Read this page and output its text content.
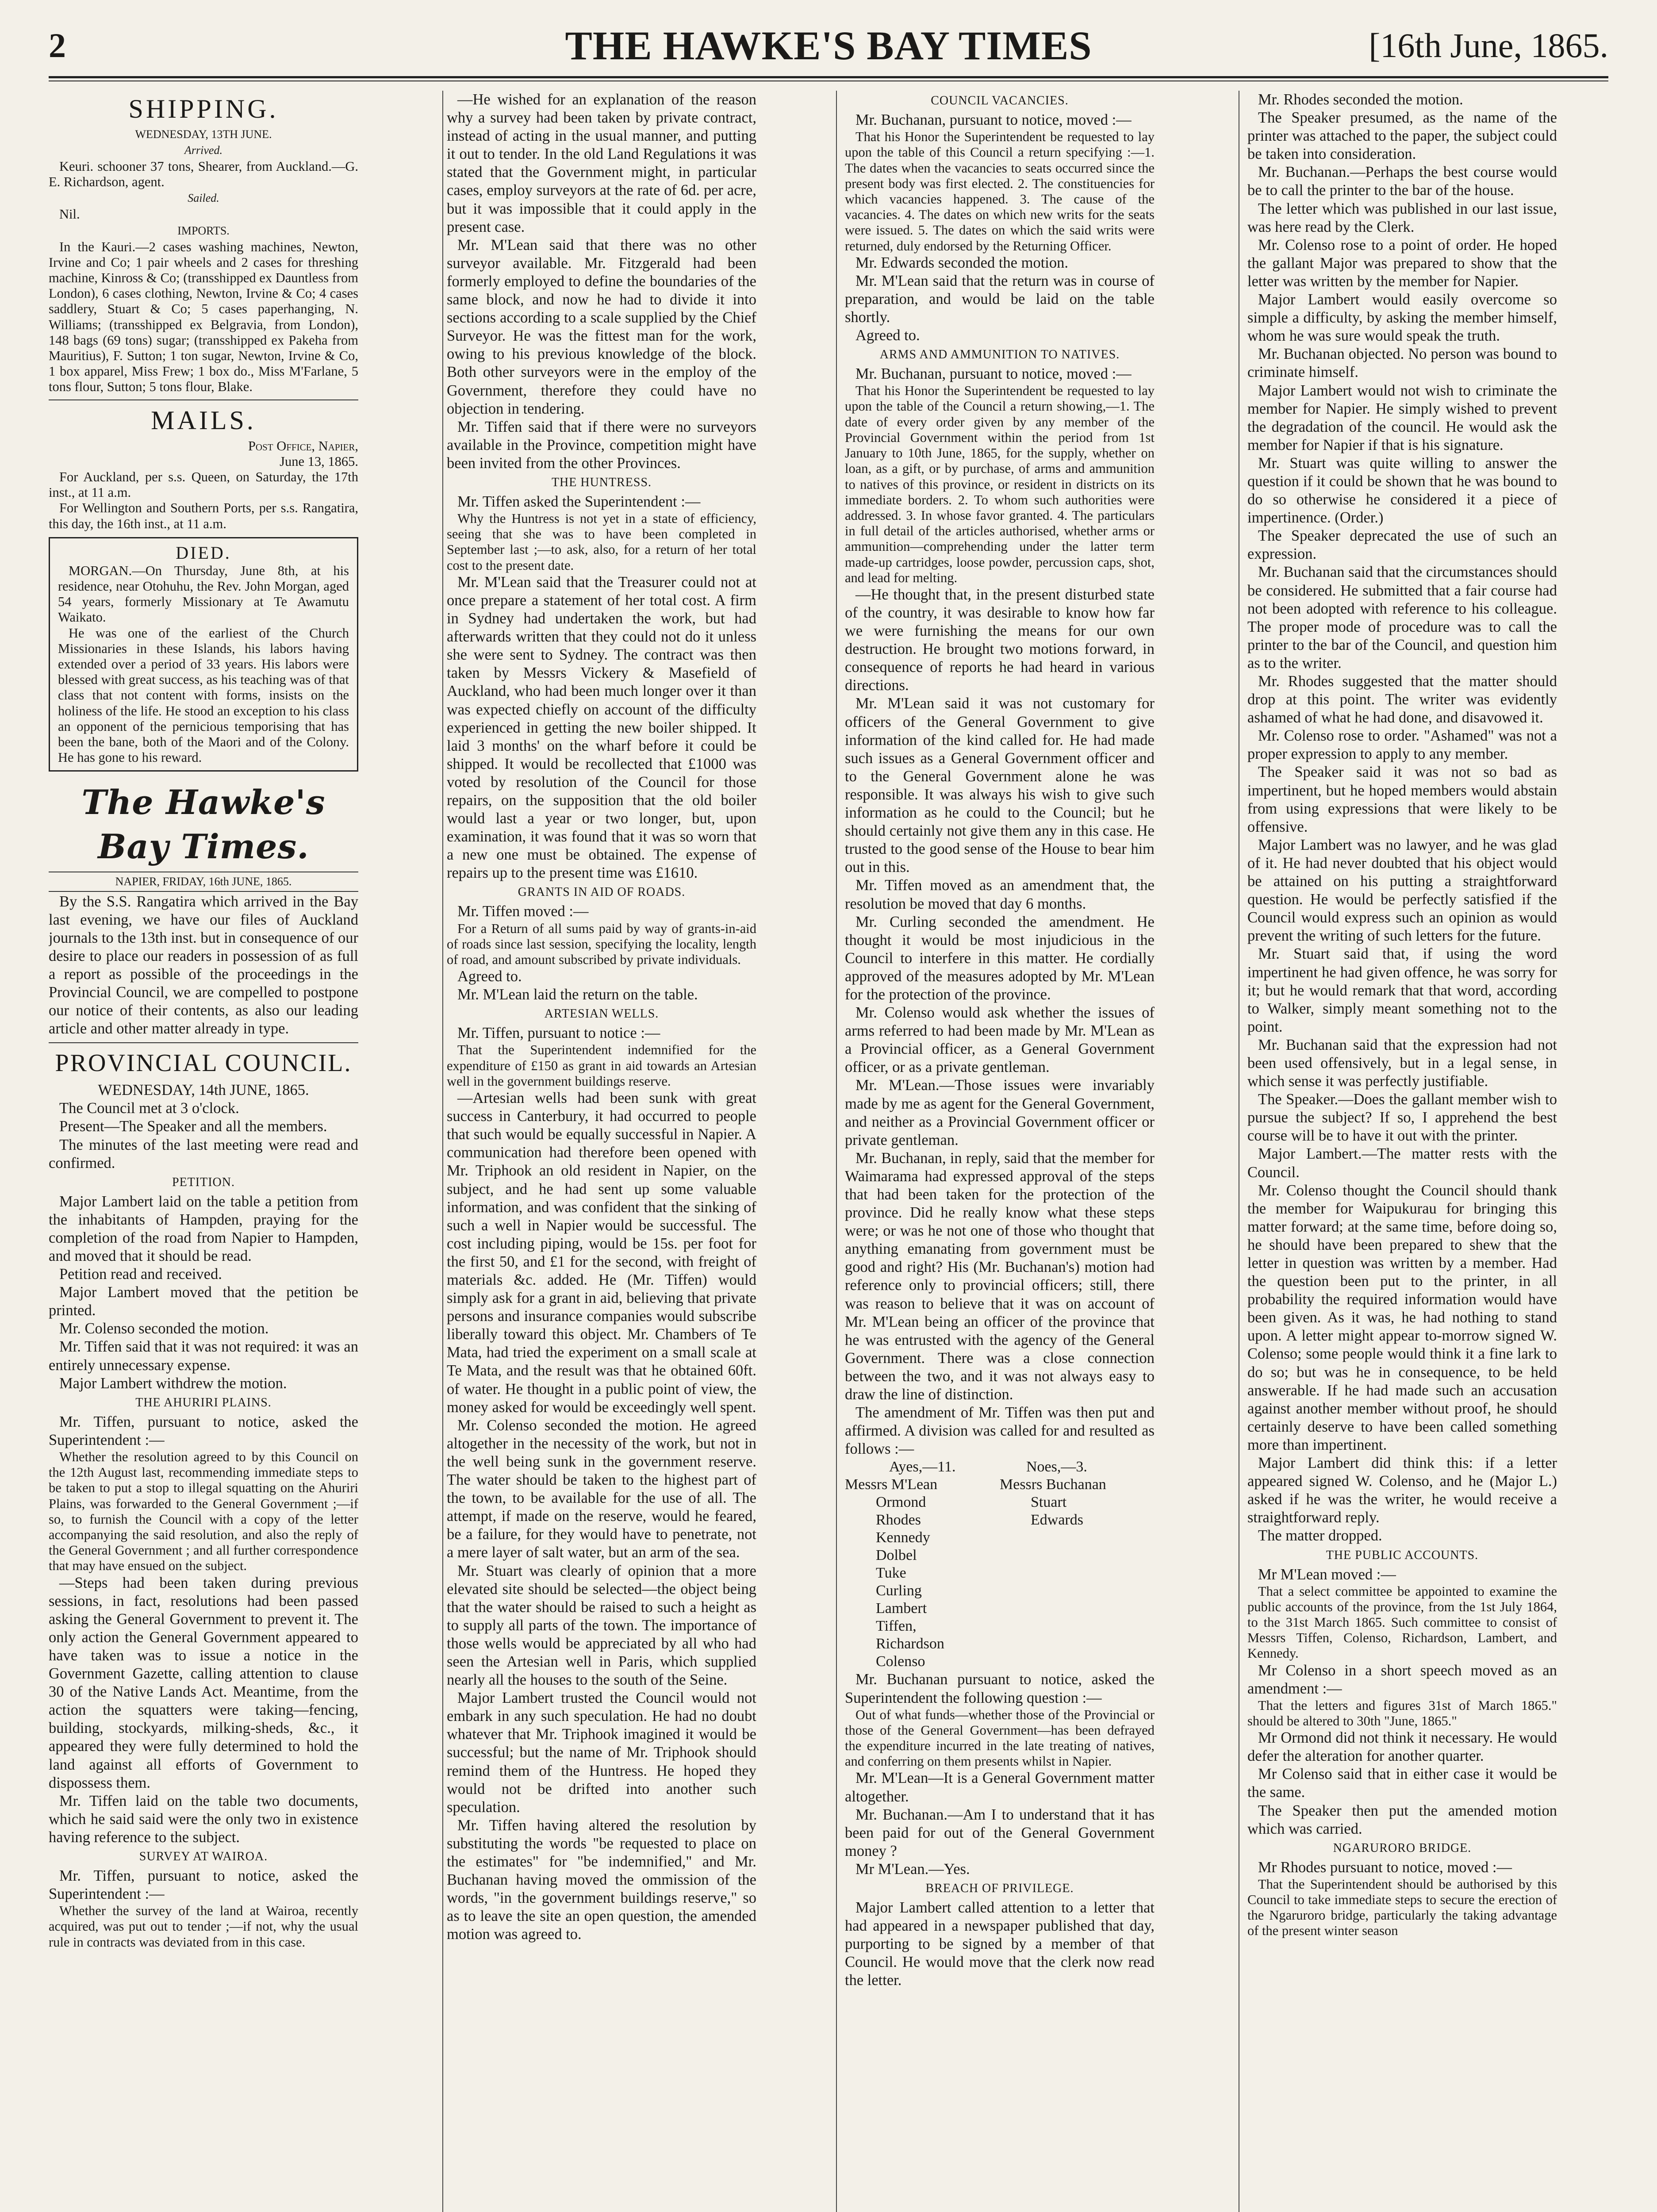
2	THE HAWKE'S BAY TIMES	[16th June, 1865.
SHIPPING.
WEDNESDAY, 13TH JUNE.
Arrived.

Keuri. schooner 37 tons, Shearer, from Auckland.—G. E. Richardson, agent.

Sailed.

Nil.

IMPORTS.

In the Kauri.—2 cases washing machines, Newton, Irvine and Co; 1 pair wheels and 2 cases for threshing machine, Kinross & Co; (transshipped ex Dauntless from London), 6 cases clothing, Newton, Irvine & Co; 4 cases saddlery, Stuart & Co; 5 cases paperhanging, N. Williams; (transshipped ex Belgravia, from London), 148 bags (69 tons) sugar; (transshipped ex Pakeha from Mauritius), F. Sutton; 1 ton sugar, Newton, Irvine & Co, 1 box apparel, Miss Frew; 1 box do., Miss M'Farlane, 5 tons flour, Sutton; 5 tons flour, Blake.

MAILS.

Post Office, Napier,

June 13, 1865.

For Auckland, per s.s. Queen, on Saturday, the 17th inst., at 11 a.m.

For Wellington and Southern Ports, per s.s. Rangatira, this day, the 16th inst., at 11 a.m.

DIED.

MORGAN.—On Thursday, June 8th, at his residence, near Otohuhu, the Rev. John Morgan, aged 54 years, formerly Missionary at Te Awamutu Waikato.

He was one of the earliest of the Church Missionaries in these Islands, his labors having extended over a period of 33 years. His labors were blessed with great success, as his teaching was of that class that not content with forms, insists on the holiness of the life. He stood an exception to his class an opponent of the pernicious temporising that has been the bane, both of the Maori and of the Colony. He has gone to his reward.

The Hawke's Bay Times.
NAPIER, FRIDAY, 16th JUNE, 1865.

By the S.S. Rangatira which arrived in the Bay last evening, we have our files of Auckland journals to the 13th inst. but in consequence of our desire to place our readers in possession of as full a report as possible of the proceedings in the Provincial Council, we are compelled to postpone our notice of their contents, as also our leading article and other matter already in type.

PROVINCIAL COUNCIL.

WEDNESDAY, 14th JUNE, 1865.

The Council met at 3 o'clock.

Present—The Speaker and all the members.

The minutes of the last meeting were read and confirmed.

PETITION.

Major Lambert laid on the table a petition from the inhabitants of Hampden, praying for the completion of the road from Napier to Hampden, and moved that it should be read.

Petition read and received.

Major Lambert moved that the petition be printed.

Mr. Colenso seconded the motion.

Mr. Tiffen said that it was not required: it was an entirely unnecessary expense.

Major Lambert withdrew the motion.

THE AHURIRI PLAINS.

Mr. Tiffen, pursuant to notice, asked the Superintendent :—

Whether the resolution agreed to by this Council on the 12th August last, recommending immediate steps to be taken to put a stop to illegal squatting on the Ahuriri Plains, was forwarded to the General Government ;—if so, to furnish the Council with a copy of the letter accompanying the said resolution, and also the reply of the General Government ; and all further correspondence that may have ensued on the subject.

—Steps had been taken during previous sessions, in fact, resolutions had been passed asking the General Government to prevent it. The only action the General Government appeared to have taken was to issue a notice in the Government Gazette, calling attention to clause 30 of the Native Lands Act. Meantime, from the action the squatters were taking—fencing, building, stockyards, milking-sheds, &c., it appeared they were fully determined to hold the land against all efforts of Government to dispossess them.

Mr. Tiffen laid on the table two documents, which he said said were the only two in existence having reference to the subject.

SURVEY AT WAIROA.

Mr. Tiffen, pursuant to notice, asked the Superintendent :—

Whether the survey of the land at Wairoa, recently acquired, was put out to tender ;—if not, why the usual rule in contracts was deviated from in this case.

—He wished for an explanation of the reason why a survey had been taken by private contract, instead of acting in the usual manner, and putting it out to tender. In the old Land Regulations it was stated that the Government might, in particular cases, employ surveyors at the rate of 6d. per acre, but it was impossible that it could apply in the present case.

Mr. M'Lean said that there was no other surveyor available. Mr. Fitzgerald had been formerly employed to define the boundaries of the same block, and now he had to divide it into sections according to a scale supplied by the Chief Surveyor. He was the fittest man for the work, owing to his previous knowledge of the block. Both other surveyors were in the employ of the Government, therefore they could have no objection in tendering.

Mr. Tiffen said that if there were no surveyors available in the Province, competition might have been invited from the other Provinces.

THE HUNTRESS.

Mr. Tiffen asked the Superintendent :—

Why the Huntress is not yet in a state of efficiency, seeing that she was to have been completed in September last ;—to ask, also, for a return of her total cost to the present date.

Mr. M'Lean said that the Treasurer could not at once prepare a statement of her total cost. A firm in Sydney had undertaken the work, but had afterwards written that they could not do it unless she were sent to Sydney. The contract was then taken by Messrs Vickery & Masefield of Auckland, who had been much longer over it than was expected chiefly on account of the difficulty experienced in getting the new boiler shipped. It laid 3 months' on the wharf before it could be shipped. It would be recollected that £1000 was voted by resolution of the Council for those repairs, on the supposition that the old boiler would last a year or two longer, but, upon examination, it was found that it was so worn that a new one must be obtained. The expense of repairs up to the present time was £1610.

GRANTS IN AID OF ROADS.

Mr. Tiffen moved :—

For a Return of all sums paid by way of grants-in-aid of roads since last session, specifying the locality, length of road, and amount subscribed by private individuals.

Agreed to.

Mr. M'Lean laid the return on the table.

ARTESIAN WELLS.

Mr. Tiffen, pursuant to notice :—

That the Superintendent indemnified for the expenditure of £150 as grant in aid towards an Artesian well in the government buildings reserve.

—Artesian wells had been sunk with great success in Canterbury, it had occurred to people that such would be equally successful in Napier. A communication had therefore been opened with Mr. Triphook an old resident in Napier, on the subject, and he had sent up some valuable information, and was confident that the sinking of such a well in Napier would be successful. The cost including piping, would be 15s. per foot for the first 50, and £1 for the second, with freight of materials &c. added. He (Mr. Tiffen) would simply ask for a grant in aid, believing that private persons and insurance companies would subscribe liberally toward this object. Mr. Chambers of Te Mata, had tried the experiment on a small scale at Te Mata, and the result was that he obtained 60ft. of water. He thought in a public point of view, the money asked for would be exceedingly well spent.

Mr. Colenso seconded the motion. He agreed altogether in the necessity of the work, but not in the well being sunk in the government reserve. The water should be taken to the highest part of the town, to be available for the use of all. The attempt, if made on the reserve, would he feared, be a failure, for they would have to penetrate, not a mere layer of salt water, but an arm of the sea.

Mr. Stuart was clearly of opinion that a more elevated site should be selected—the object being that the water should be raised to such a height as to supply all parts of the town. The importance of those wells would be appreciated by all who had seen the Artesian well in Paris, which supplied nearly all the houses to the south of the Seine.

Major Lambert trusted the Council would not embark in any such speculation. He had no doubt whatever that Mr. Triphook imagined it would be successful; but the name of Mr. Triphook should remind them of the Huntress. He hoped they would not be drifted into another such speculation.

Mr. Tiffen having altered the resolution by substituting the words "be requested to place on the estimates" for "be indemnified," and Mr. Buchanan having moved the ommission of the words, "in the government buildings reserve," so as to leave the site an open question, the amended motion was agreed to.

COUNCIL VACANCIES.

Mr. Buchanan, pursuant to notice, moved :—

That his Honor the Superintendent be requested to lay upon the table of this Council a return specifying :—1. The dates when the vacancies to seats occurred since the present body was first elected. 2. The constituencies for which vacancies happened. 3. The cause of the vacancies. 4. The dates on which new writs for the seats were issued. 5. The dates on which the said writs were returned, duly endorsed by the Returning Officer.

Mr. Edwards seconded the motion.

Mr. M'Lean said that the return was in course of preparation, and would be laid on the table shortly.

Agreed to.

ARMS AND AMMUNITION TO NATIVES.

Mr. Buchanan, pursuant to notice, moved :—

That his Honor the Superintendent be requested to lay upon the table of the Council a return showing,—1. The date of every order given by any member of the Provincial Government within the period from 1st January to 10th June, 1865, for the supply, whether on loan, as a gift, or by purchase, of arms and ammunition to natives of this province, or resident in districts on its immediate borders. 2. To whom such authorities were addressed. 3. In whose favor granted. 4. The particulars in full detail of the articles authorised, whether arms or ammunition—comprehending under the latter term made-up cartridges, loose powder, percussion caps, shot, and lead for melting.

—He thought that, in the present disturbed state of the country, it was desirable to know how far we were furnishing the means for our own destruction. He brought two motions forward, in consequence of reports he had heard in various directions.

Mr. M'Lean said it was not customary for officers of the General Government to give information of the kind called for. He had made such issues as a General Government officer and to the General Government alone he was responsible. It was always his wish to give such information as he could to the Council; but he should certainly not give them any in this case. He trusted to the good sense of the House to bear him out in this.

Mr. Tiffen moved as an amendment that, the resolution be moved that day 6 months.

Mr. Curling seconded the amendment. He thought it would be most injudicious in the Council to interfere in this matter. He cordially approved of the measures adopted by Mr. M'Lean for the protection of the province.

Mr. Colenso would ask whether the issues of arms referred to had been made by Mr. M'Lean as a Provincial officer, as a General Government officer, or as a private gentleman.

Mr. M'Lean.—Those issues were invariably made by me as agent for the General Government, and neither as a Provincial Government officer or private gentleman.

Mr. Buchanan, in reply, said that the member for Waimarama had expressed approval of the steps that had been taken for the protection of the province. Did he really know what these steps were; or was he not one of those who thought that anything emanating from government must be good and right? His (Mr. Buchanan's) motion had reference only to provincial officers; still, there was reason to believe that it was on account of Mr. M'Lean being an officer of the province that he was entrusted with the agency of the General Government. There was a close connection between the two, and it was not always easy to draw the line of distinction.

The amendment of Mr. Tiffen was then put and affirmed. A division was called for and resulted as follows :—

Ayes,—11.
Messrs M'Lean
Ormond
Rhodes
Kennedy
Dolbel
Tuke
Curling
Lambert
Tiffen,
Richardson
Colenso
Noes,—3.
Messrs Buchanan
Stuart
Edwards

Mr. Buchanan pursuant to notice, asked the Superintendent the following question :—

Out of what funds—whether those of the Provincial or those of the General Government—has been defrayed the expenditure incurred in the late treating of natives, and conferring on them presents whilst in Napier.

Mr. M'Lean—It is a General Government matter altogether.

Mr. Buchanan.—Am I to understand that it has been paid for out of the General Government money ?

Mr M'Lean.—Yes.

BREACH OF PRIVILEGE.

Major Lambert called attention to a letter that had appeared in a newspaper published that day, purporting to be signed by a member of that Council. He would move that the clerk now read the letter.

Mr. Rhodes seconded the motion.

The Speaker presumed, as the name of the printer was attached to the paper, the subject could be taken into consideration.

Mr. Buchanan.—Perhaps the best course would be to call the printer to the bar of the house.

The letter which was published in our last issue, was here read by the Clerk.

Mr. Colenso rose to a point of order. He hoped the gallant Major was prepared to show that the letter was written by the member for Napier.

Major Lambert would easily overcome so simple a difficulty, by asking the member himself, whom he was sure would speak the truth.

Mr. Buchanan objected. No person was bound to criminate himself.

Major Lambert would not wish to criminate the member for Napier. He simply wished to prevent the degradation of the council. He would ask the member for Napier if that is his signature.

Mr. Stuart was quite willing to answer the question if it could be shown that he was bound to do so otherwise he considered it a piece of impertinence. (Order.)

The Speaker deprecated the use of such an expression.

Mr. Buchanan said that the circumstances should be considered. He submitted that a fair course had not been adopted with reference to his colleague. The proper mode of procedure was to call the printer to the bar of the Council, and question him as to the writer.

Mr. Rhodes suggested that the matter should drop at this point. The writer was evidently ashamed of what he had done, and disavowed it.

Mr. Colenso rose to order. "Ashamed" was not a proper expression to apply to any member.

The Speaker said it was not so bad as impertinent, but he hoped members would abstain from using expressions that were likely to be offensive.

Major Lambert was no lawyer, and he was glad of it. He had never doubted that his object would be attained on his putting a straightforward question. He would be perfectly satisfied if the Council would express such an opinion as would prevent the writing of such letters for the future.

Mr. Stuart said that, if using the word impertinent he had given offence, he was sorry for it; but he would remark that that word, according to Walker, simply meant something not to the point.

Mr. Buchanan said that the expression had not been used offensively, but in a legal sense, in which sense it was perfectly justifiable.

The Speaker.—Does the gallant member wish to pursue the subject? If so, I apprehend the best course will be to have it out with the printer.

Major Lambert.—The matter rests with the Council.

Mr. Colenso thought the Council should thank the member for Waipukurau for bringing this matter forward; at the same time, before doing so, he should have been prepared to shew that the letter in question was written by a member. Had the question been put to the printer, in all probability the required information would have been given. As it was, he had nothing to stand upon. A letter might appear to-morrow signed W. Colenso; some people would think it a fine lark to do so; but was he in consequence, to be held answerable. If he had made such an accusation against another member without proof, he should certainly deserve to have been called something more than impertinent.

Major Lambert did think this: if a letter appeared signed W. Colenso, and he (Major L.) asked if he was the writer, he would receive a straightforward reply.

The matter dropped.

THE PUBLIC ACCOUNTS.

Mr M'Lean moved :—

That a select committee be appointed to examine the public accounts of the province, from the 1st July 1864, to the 31st March 1865. Such committee to consist of Messrs Tiffen, Colenso, Richardson, Lambert, and Kennedy.

Mr Colenso in a short speech moved as an amendment :—

That the letters and figures 31st of March 1865." should be altered to 30th "June, 1865."

Mr Ormond did not think it necessary. He would defer the alteration for another quarter.

Mr Colenso said that in either case it would be the same.

The Speaker then put the amended motion which was carried.

NGARURORO BRIDGE.

Mr Rhodes pursuant to notice, moved :—

That the Superintendent should be authorised by this Council to take immediate steps to secure the erection of the Ngaruroro bridge, particularly the taking advantage of the present winter season
